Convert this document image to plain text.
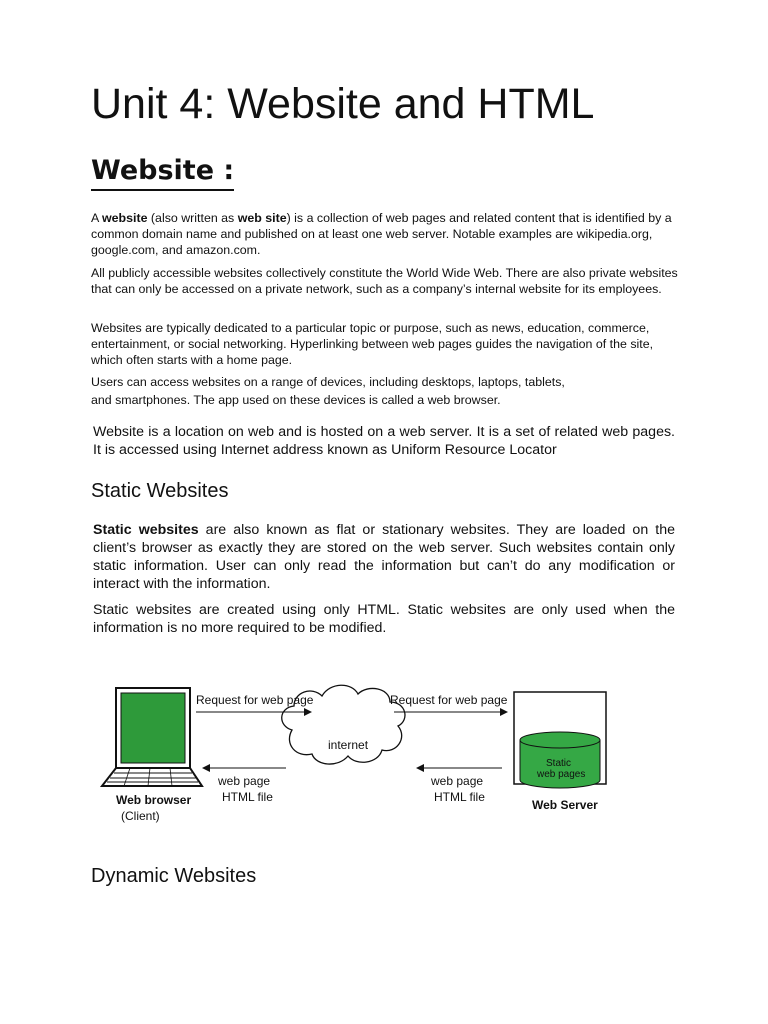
Unit 4: Website and HTML
Website :

A website (also written as web site) is a collection of web pages and related content that is identified by a common domain name and published on at least one web server. Notable examples are wikipedia.org, google.com, and amazon.com.

All publicly accessible websites collectively constitute the World Wide Web. There are also private websites that can only be accessed on a private network, such as a company’s internal website for its employees.

Websites are typically dedicated to a particular topic or purpose, such as news, education, commerce, entertainment, or social networking. Hyperlinking between web pages guides the navigation of the site, which often starts with a home page.

Users can access websites on a range of devices, including desktops, laptops, tablets,

and smartphones. The app used on these devices is called a web browser.

Website is a location on web and is hosted on a web server. It is a set of related web pages. It is accessed using Internet address known as Uniform Resource Locator

Static Websites

Static websites are also known as flat or stationary websites. They are loaded on the client’s browser as exactly they are stored on the web server. Such websites contain only static information. User can only read the information but can’t do any modification or interact with the information.

Static websites are created using only HTML. Static websites are only used when the information is no more required to be modified.

Web browser
(Client)
internet
Request for web page	Request for web page
web page
HTML file
web page
HTML file
Static
web pages
Web Server
Dynamic Websites
